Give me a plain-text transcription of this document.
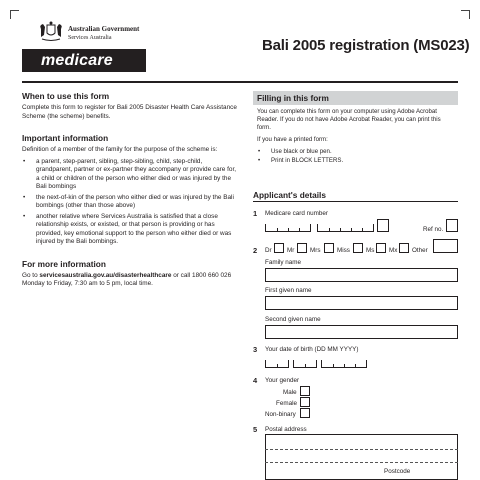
Australian Government
Services Australia
medicare
Bali 2005 registration (MS023)
When to use this form

Complete this form to register for Bali 2005 Disaster Health Care Assistance Scheme (the scheme) benefits.

Important information

Definition of a member of the family for the purpose of the scheme is:

• a parent, step-parent, sibling, step-sibling, child, step-child, grandparent, partner or ex-partner they accompany or provide care for, a child or children of the person who either died or was injured by the Bali bombings
• the next-of-kin of the person who either died or was injured by the Bali bombings (other than those above)
• another relative where Services Australia is satisfied that a close relationship exists, or existed, or that person is providing or has provided, key emotional support to the person who either died or was injured by the Bali bombings.
For more information

Go to servicesaustralia.gov.au/disasterhealthcare or call 1800 660 026 Monday to Friday, 7:30 am to 5 pm, local time.

Filling in this form

You can complete this form on your computer using Adobe Acrobat Reader. If you do not have Adobe Acrobat Reader, you can print this form.

If you have a printed form:

• Use black or blue pen.
• Print in BLOCK LETTERS.
Applicant's details
1 Medicare card number
Ref no.
2 Dr Mr Mrs	Miss	Ms Mx Other
Family name
First given name
Second given name
3 Your date of birth (DD MM YYYY)
4 Your gender
Male
Female
Non-binary
5 Postal address
Postcode
